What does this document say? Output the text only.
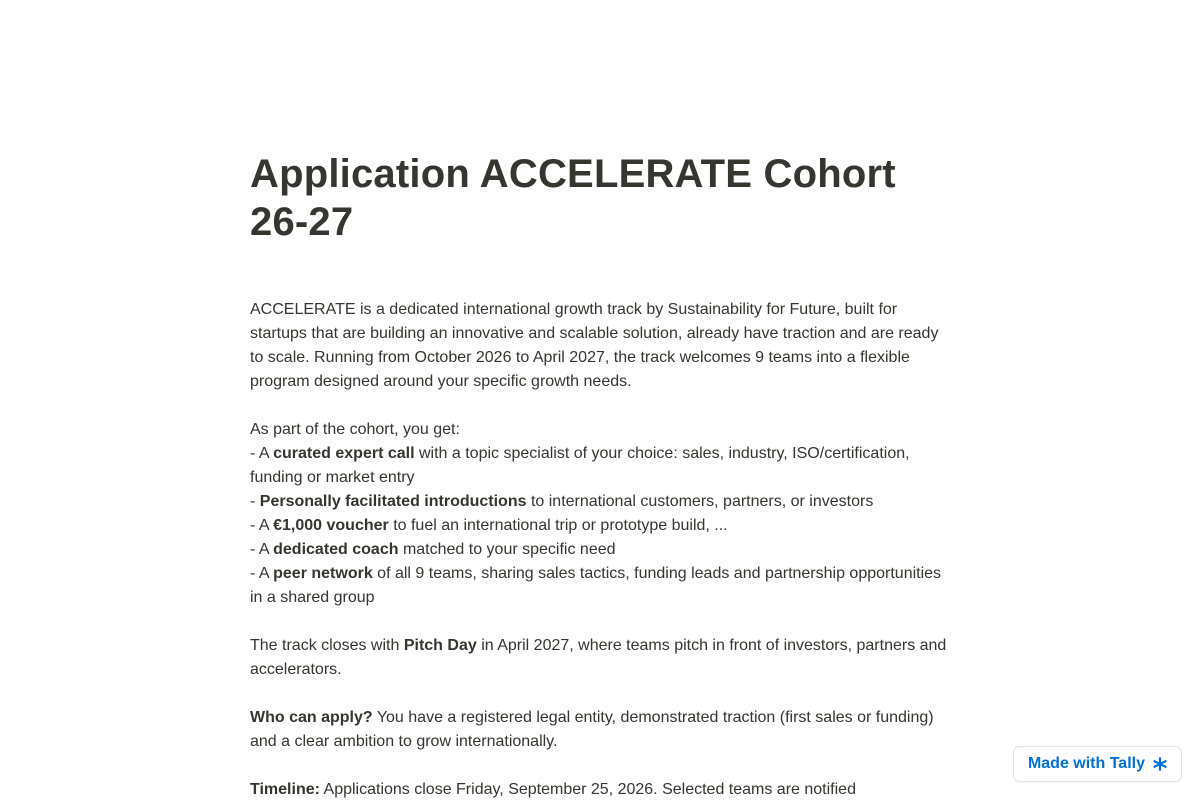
Application ACCELERATE Cohort 26-27

ACCELERATE is a dedicated international growth track by Sustainability for Future, built for startups that are building an innovative and scalable solution, already have traction and are ready to scale. Running from October 2026 to April 2027, the track welcomes 9 teams into a flexible program designed around your specific growth needs.

As part of the cohort, you get:
- A curated expert call with a topic specialist of your choice: sales, industry, ISO/certification, funding or market entry
- Personally facilitated introductions to international customers, partners, or investors
- A €1,000 voucher to fuel an international trip or prototype build, ...
- A dedicated coach matched to your specific need
- A peer network of all 9 teams, sharing sales tactics, funding leads and partnership opportunities in a shared group

The track closes with Pitch Day in April 2027, where teams pitch in front of investors, partners and accelerators.

Who can apply? You have a registered legal entity, demonstrated traction (first sales or funding) and a clear ambition to grow internationally.

Timeline: Applications close Friday, September 25, 2026. Selected teams are notified

Made with Tally
